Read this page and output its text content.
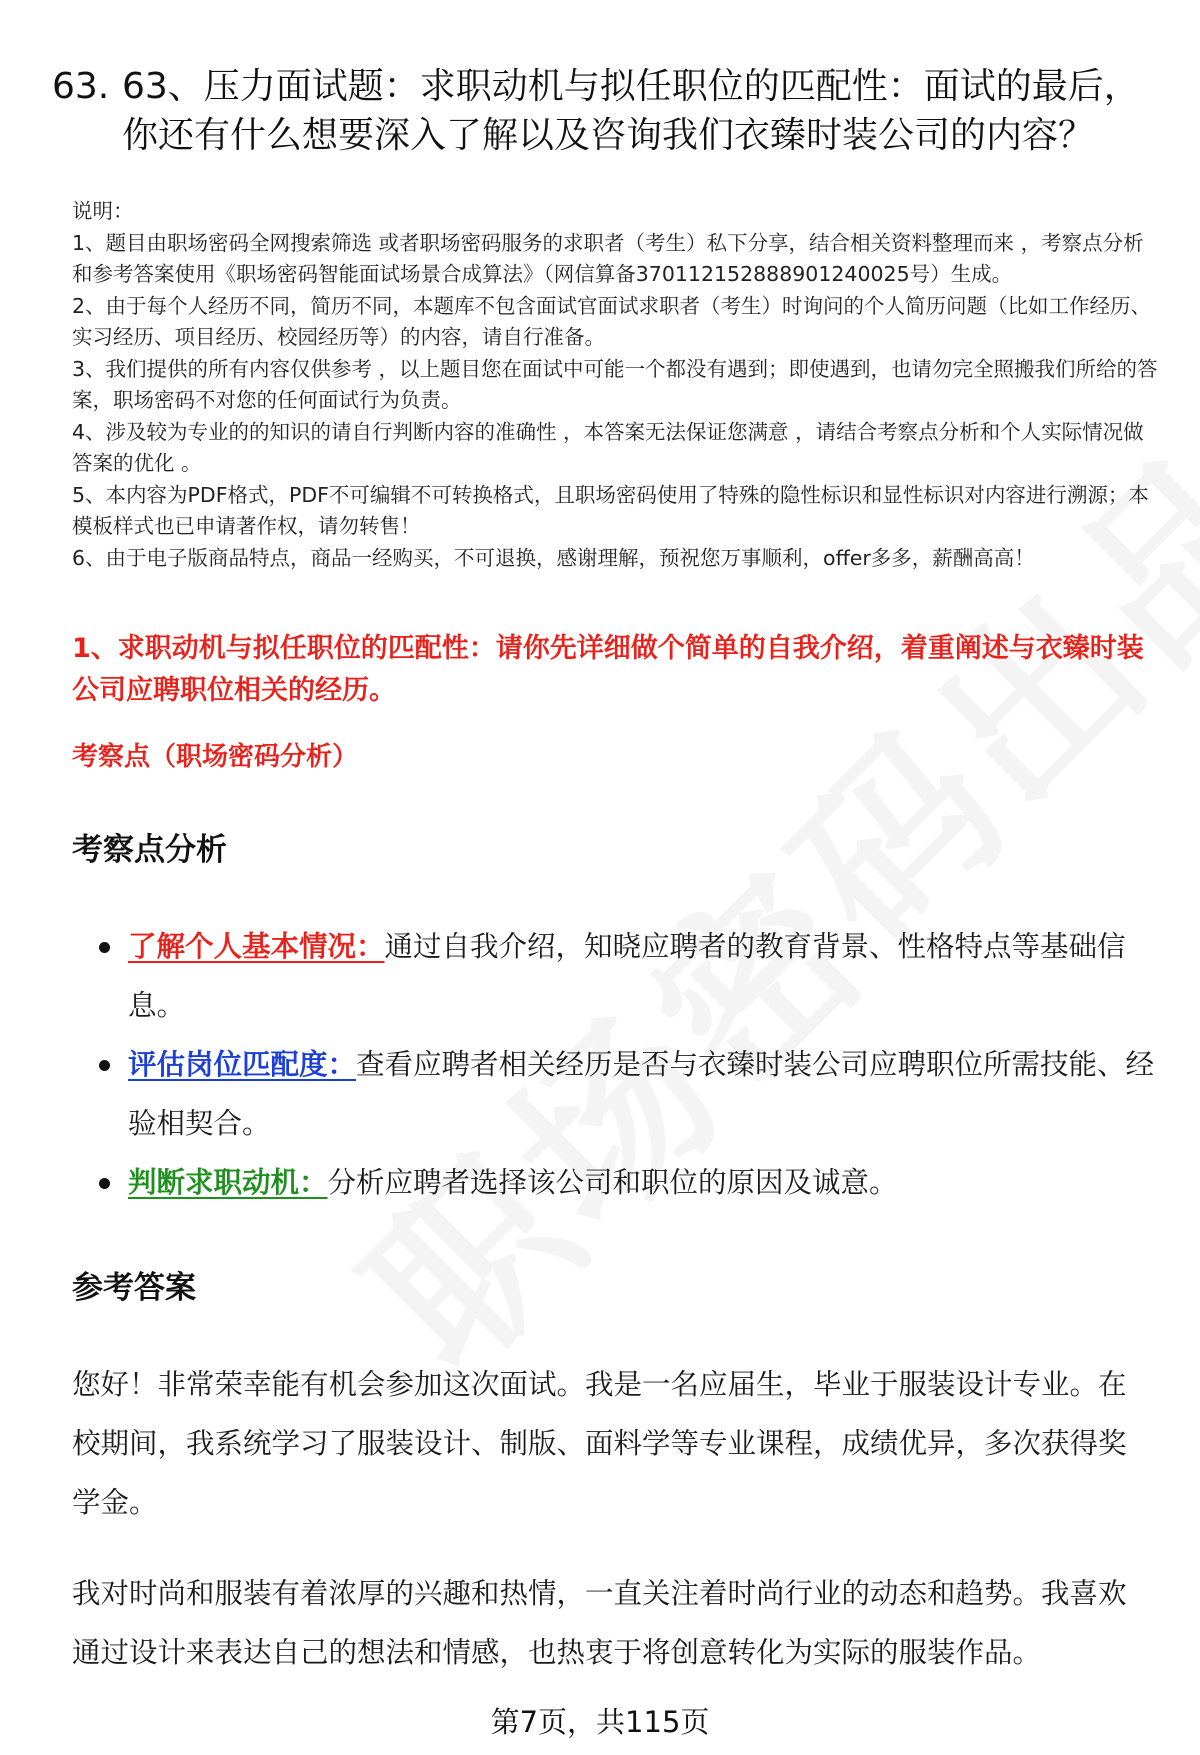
63. 63、压力面试题：求职动机与拟任职位的匹配性：面试的最后，你还有什么想要深入了解以及咨询我们衣臻时装公司的内容？

说明：

1、题目由职场密码全网搜索筛选 或者职场密码服务的求职者（考生）私下分享，结合相关资料整理而来 ，考察点分析和参考答案使用《职场密码智能面试场景合成算法》（网信算备370112152888901240025号）生成。

2、由于每个人经历不同，简历不同，本题库不包含面试官面试求职者（考生）时询问的个人简历问题（比如工作经历、实习经历、项目经历、校园经历等）的内容，请自行准备。

3、我们提供的所有内容仅供参考 ，以上题目您在面试中可能一个都没有遇到；即使遇到，也请勿完全照搬我们所给的答案，职场密码不对您的任何面试行为负责。

4、涉及较为专业的的知识的请自行判断内容的准确性 ，本答案无法保证您满意 ，请结合考察点分析和个人实际情况做答案的优化 。

5、本内容为PDF格式，PDF不可编辑不可转换格式，且职场密码使用了特殊的隐性标识和显性标识对内容进行溯源；本模板样式也已申请著作权，请勿转售！

6、由于电子版商品特点，商品一经购买，不可退换，感谢理解，预祝您万事顺利，offer多多，薪酬高高！

1、求职动机与拟任职位的匹配性：请你先详细做个简单的自我介绍，着重阐述与衣臻时装公司应聘职位相关的经历。
考察点（职场密码分析）
考察点分析
了解个人基本情况：通过自我介绍，知晓应聘者的教育背景、性格特点等基础信息。
评估岗位匹配度：查看应聘者相关经历是否与衣臻时装公司应聘职位所需技能、经验相契合。
判断求职动机：分析应聘者选择该公司和职位的原因及诚意。
参考答案
您好！非常荣幸能有机会参加这次面试。我是一名应届生，毕业于服装设计专业。在校期间，我系统学习了服装设计、制版、面料学等专业课程，成绩优异，多次获得奖学金。
我对时尚和服装有着浓厚的兴趣和热情，一直关注着时尚行业的动态和趋势。我喜欢通过设计来表达自己的想法和情感，也热衷于将创意转化为实际的服装作品。
第7页，共115页
